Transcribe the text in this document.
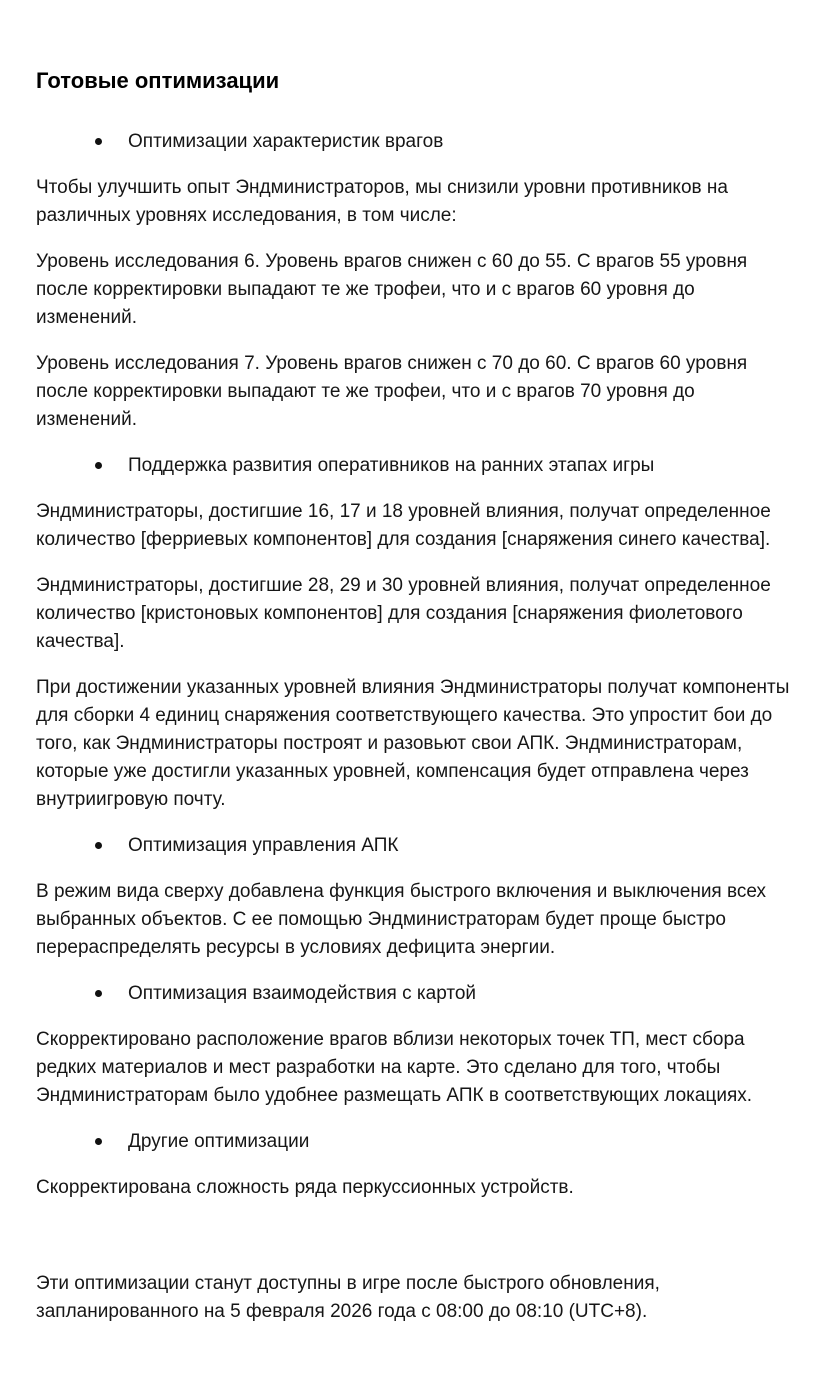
Готовые оптимизации
Оптимизации характеристик врагов

Чтобы улучшить опыт Эндминистраторов, мы снизили уровни противников на различных уровнях исследования, в том числе:

Уровень исследования 6. Уровень врагов снижен с 60 до 55. С врагов 55 уровня после корректировки выпадают те же трофеи, что и с врагов 60 уровня до изменений.

Уровень исследования 7. Уровень врагов снижен с 70 до 60. С врагов 60 уровня после корректировки выпадают те же трофеи, что и с врагов 70 уровня до изменений.

Поддержка развития оперативников на ранних этапах игры

Эндминистраторы, достигшие 16, 17 и 18 уровней влияния, получат определенное количество [ферриевых компонентов] для создания [снаряжения синего качества].

Эндминистраторы, достигшие 28, 29 и 30 уровней влияния, получат определенное количество [кристоновых компонентов] для создания [снаряжения фиолетового качества].

При достижении указанных уровней влияния Эндминистраторы получат компоненты для сборки 4 единиц снаряжения соответствующего качества. Это упростит бои до того, как Эндминистраторы построят и разовьют свои АПК. Эндминистраторам, которые уже достигли указанных уровней, компенсация будет отправлена через внутриигровую почту.

Оптимизация управления АПК

В режим вида сверху добавлена функция быстрого включения и выключения всех выбранных объектов. С ее помощью Эндминистраторам будет проще быстро перераспределять ресурсы в условиях дефицита энергии.

Оптимизация взаимодействия с картой

Скорректировано расположение врагов вблизи некоторых точек ТП, мест сбора редких материалов и мест разработки на карте. Это сделано для того, чтобы Эндминистраторам было удобнее размещать АПК в соответствующих локациях.

Другие оптимизации

Скорректирована сложность ряда перкуссионных устройств.

Эти оптимизации станут доступны в игре после быстрого обновления, запланированного на 5 февраля 2026 года с 08:00 до 08:10 (UTC+8).
